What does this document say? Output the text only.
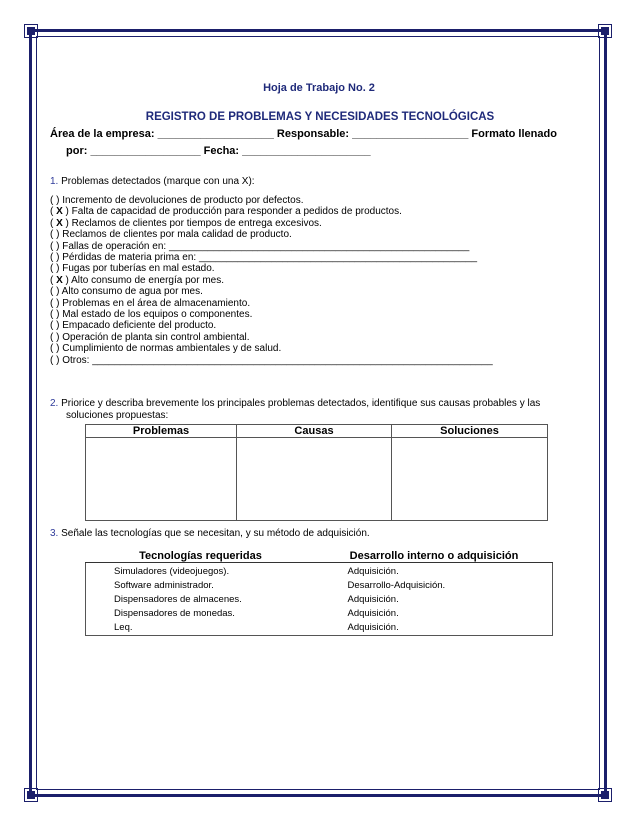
Hoja de Trabajo No. 2
REGISTRO DE PROBLEMAS Y NECESIDADES TECNOLÓGICAS
Área de la empresa: ___________________ Responsable: ___________________ Formato llenado
por: __________________ Fecha: _____________________
1. Problemas detectados (marque con una X):
( ) Incremento de devoluciones de producto por defectos.
( X ) Falta de capacidad de producción para responder a pedidos de productos.
( X ) Reclamos de clientes por tiempos de entrega excesivos.
( ) Reclamos de clientes por mala calidad de producto.
( ) Fallas de operación en: ______________________________________________________
( ) Pérdidas de materia prima en: __________________________________________________
( ) Fugas por tuberías en mal estado.
( X ) Alto consumo de energía por mes.
( ) Alto consumo de agua por mes.
( ) Problemas en el área de almacenamiento.
( ) Mal estado de los equipos o componentes.
( ) Empacado deficiente del producto.
( ) Operación de planta sin control ambiental.
( ) Cumplimiento de normas ambientales y de salud.
( ) Otros: ________________________________________________________________________
2. Priorice y describa brevemente los principales problemas detectados, identifique sus causas probables y las
soluciones propuestas:
Problemas	Causas	Soluciones

3. Señale las tecnologías que se necesitan, y su método de adquisición.
Tecnologías requeridas	Desarrollo interno o adquisición
Simuladores (videojuegos).	Adquisición.
Software administrador.	Desarrollo-Adquisición.
Dispensadores de almacenes.	Adquisición.
Dispensadores de monedas.	Adquisición.
Leq.	Adquisición.
